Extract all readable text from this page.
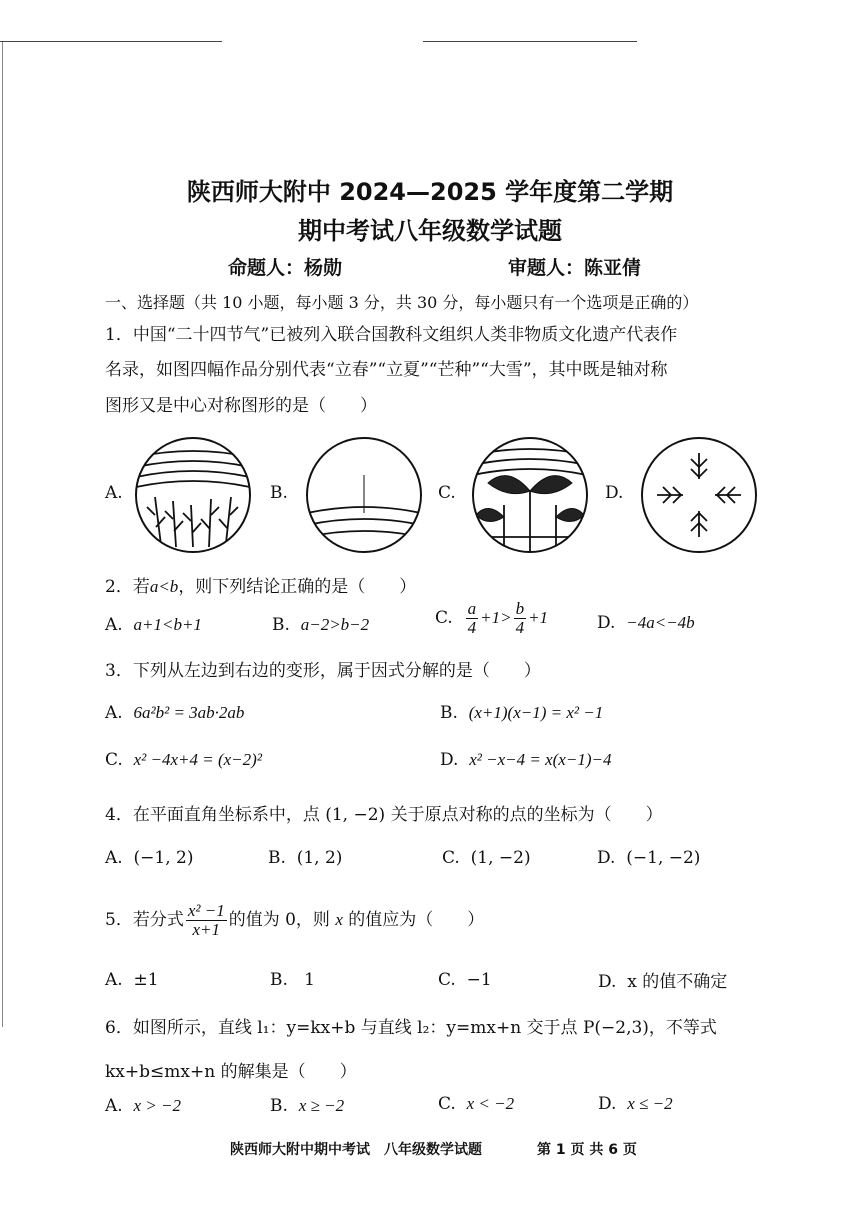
陕西师大附中 2024—2025 学年度第二学期
期中考试八年级数学试题
命题人：杨勋	审题人：陈亚倩
一、选择题（共 10 小题，每小题 3 分，共 30 分，每小题只有一个选项是正确的）
1．中国“二十四节气”已被列入联合国教科文组织人类非物质文化遗产代表作
名录，如图四幅作品分别代表“立春”“立夏”“芒种”“大雪”，其中既是轴对称
图形又是中心对称图形的是（　　）
A.	B.	C.	D.
2．若a<b，则下列结论正确的是（　　）
A. a+1<b+1	B. a−2>b−2	C. $\frac{a}{4} +1> \frac{b}{4} +1$	D. −4a<−4b
3．下列从左边到右边的变形，属于因式分解的是（　　）
A. 6a²b² = 3ab·2ab	B. (x+1)(x−1) = x² −1
C. x² −4x+4 = (x−2)²	D. x² −x−4 = x(x−1)−4
4．在平面直角坐标系中，点 (1, −2) 关于原点对称的点的坐标为（　　）
A. (−1, 2)	B. (1, 2)	C. (1, −2)	D. (−1, −2)
5．若分式 $\frac{\text{x² −1}}{x+1}$ 的值为 0，则 x 的值应为（　　）
A. ±1	B. 1	C. −1	D. x 的值不确定
6．如图所示，直线 l₁：y=kx+b 与直线 l₂：y=mx+n 交于点 P(−2,3)，不等式
kx+b≤mx+n 的解集是（　　）
A. x > −2	B. x ≥ −2	C. x < −2	D. x ≤ −2
陕西师大附中期中考试　八年级数学试题	第 1 页 共 6 页
